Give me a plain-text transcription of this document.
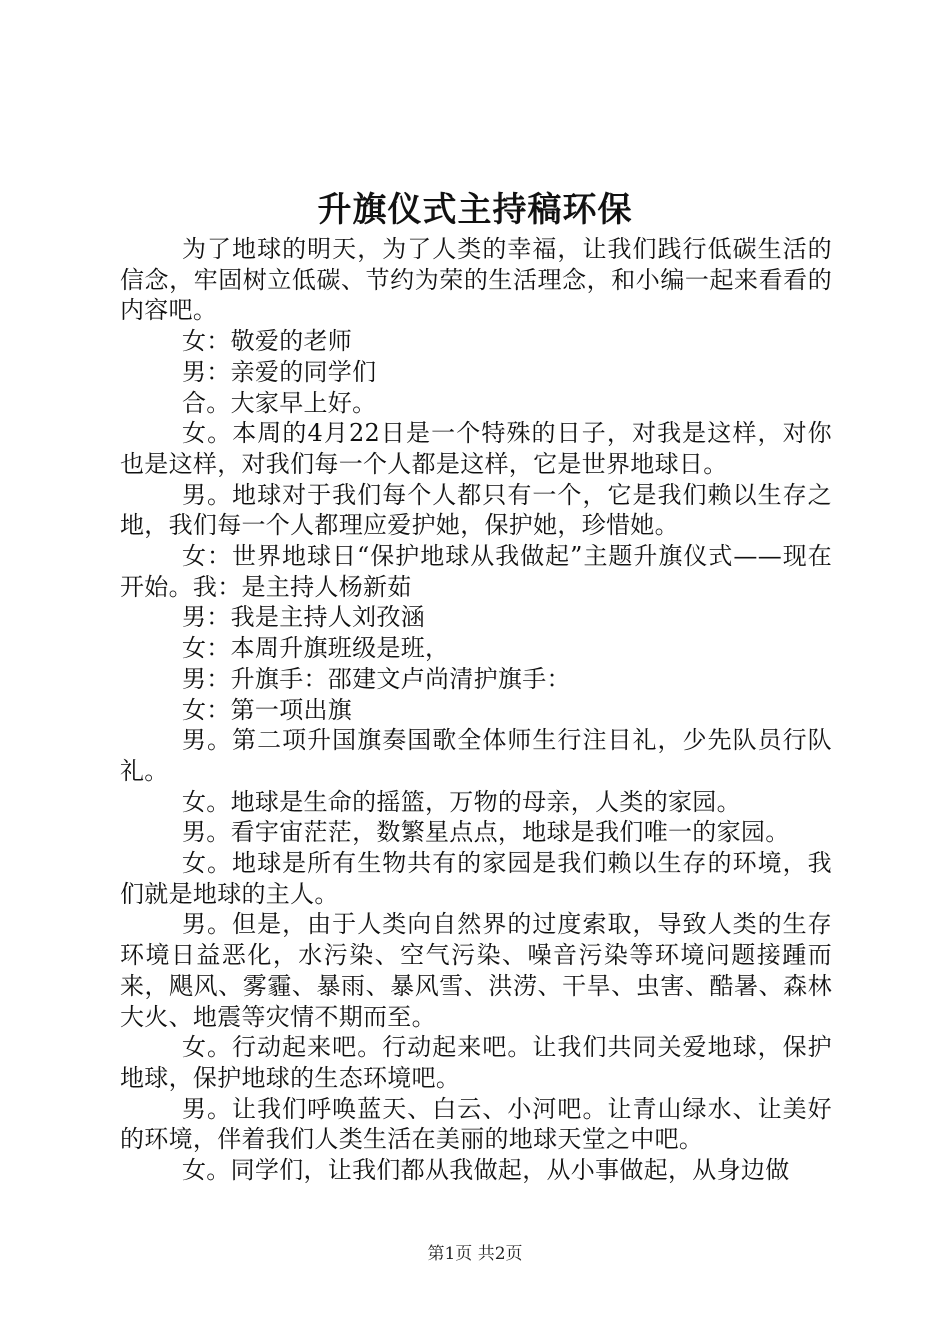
升旗仪式主持稿环保

为了地球的明天，为了人类的幸福，让我们践行低碳生活的信念，牢固树立低碳、节约为荣的生活理念，和小编一起来看看的内容吧。

女：敬爱的老师

男：亲爱的同学们

合。大家早上好。

女。本周的4月22日是一个特殊的日子，对我是这样，对你也是这样，对我们每一个人都是这样，它是世界地球日。

男。地球对于我们每个人都只有一个，它是我们赖以生存之地，我们每一个人都理应爱护她，保护她，珍惜她。

女：世界地球日“保护地球从我做起”主题升旗仪式——现在开始。我：是主持人杨新茹

男：我是主持人刘孜涵

女：本周升旗班级是班，

男：升旗手：邵建文卢尚清护旗手：

女：第一项出旗

男。第二项升国旗奏国歌全体师生行注目礼，少先队员行队礼。

女。地球是生命的摇篮，万物的母亲，人类的家园。

男。看宇宙茫茫，数繁星点点，地球是我们唯一的家园。

女。地球是所有生物共有的家园是我们赖以生存的环境，我们就是地球的主人。

男。但是，由于人类向自然界的过度索取，导致人类的生存环境日益恶化，水污染、空气污染、噪音污染等环境问题接踵而来，飓风、雾霾、暴雨、暴风雪、洪涝、干旱、虫害、酷暑、森林大火、地震等灾情不期而至。

女。行动起来吧。行动起来吧。让我们共同关爱地球，保护地球，保护地球的生态环境吧。

男。让我们呼唤蓝天、白云、小河吧。让青山绿水、让美好的环境，伴着我们人类生活在美丽的地球天堂之中吧。

女。同学们，让我们都从我做起，从小事做起，从身边做

第1页 共2页
